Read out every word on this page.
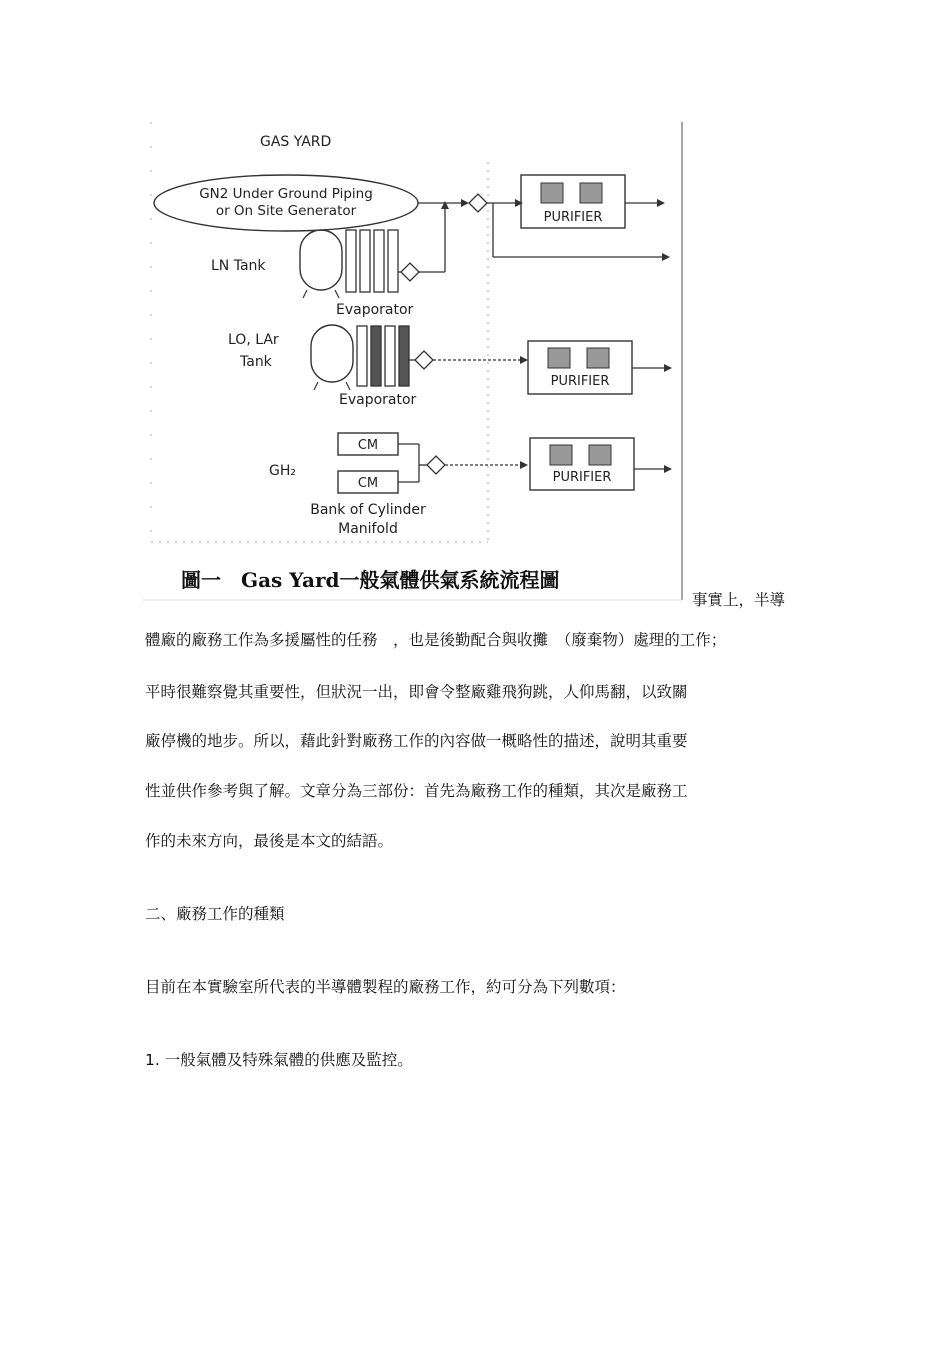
GAS YARD
GN2 Under Ground Piping
or On Site Generator	PURIFIER
LN Tank
Evaporator
LO, LAr
Tank
Evaporator
PURIFIER
GH₂
CM
CM
Bank of Cylinder
Manifold
PURIFIER
圖一　Gas Yard一般氣體供氣系統流程圖
事實上，半導
體廠的廠務工作為多援屬性的任務　，也是後勤配合與收攤　（廢棄物）處理的工作；
平時很難察覺其重要性，但狀況一出，即會令整廠雞飛狗跳，人仰馬翻，以致關
廠停機的地步。所以，藉此針對廠務工作的內容做一概略性的描述，說明其重要
性並供作參考與了解。文章分為三部份：首先為廠務工作的種類，其次是廠務工
作的未來方向，最後是本文的結語。
二、廠務工作的種類
目前在本實驗室所代表的半導體製程的廠務工作，約可分為下列數項：
1. 一般氣體及特殊氣體的供應及監控。
